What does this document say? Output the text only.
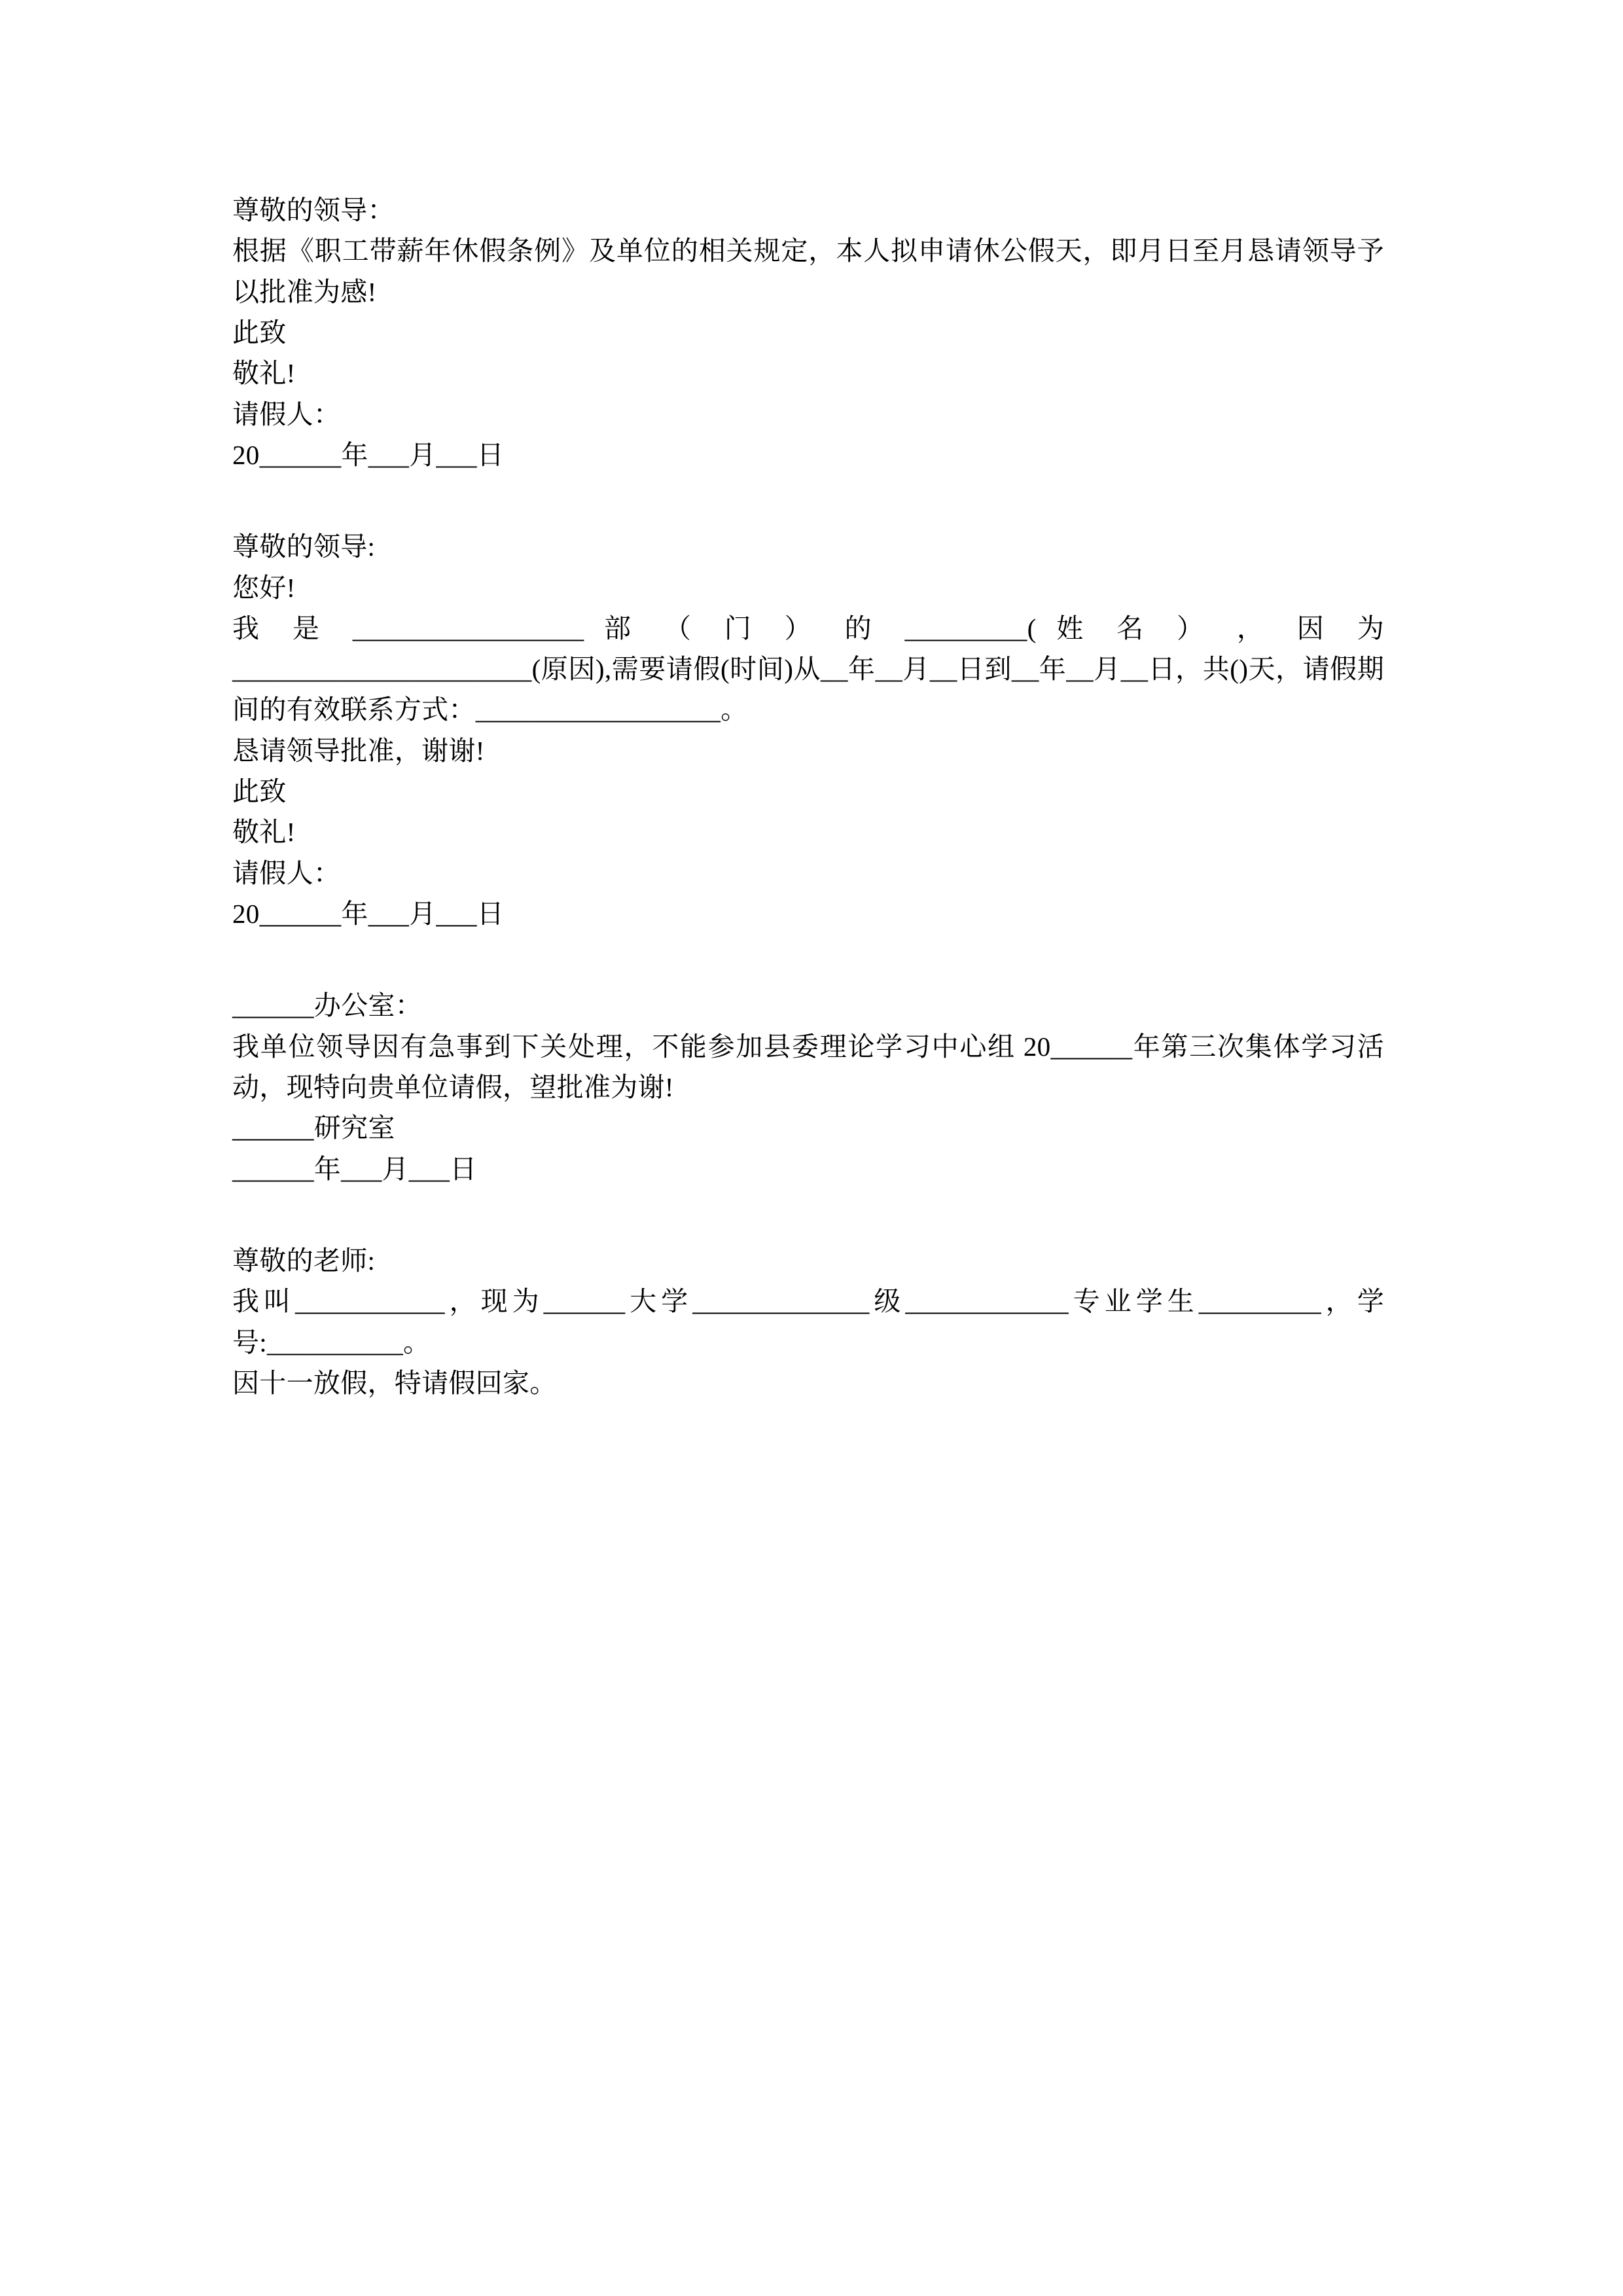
尊敬的领导：

根据《职工带薪年休假条例》及单位的相关规定，本人拟申请休公假天，即月日至月恳请领导予以批准为感!

此致

敬礼!

请假人：

20______年___月___日

尊敬的领导:

您好!

我 是 _________________ 部 （ 门 ） 的 _________( 姓 名 ） ， 因 为 ______________________(原因),需要请假(时间)从__年__月__日到__年__月__日，共()天，请假期间的有效联系方式：__________________。

恳请领导批准，谢谢!

此致

敬礼!

请假人：

20______年___月___日

______办公室：

我单位领导因有急事到下关处理，不能参加县委理论学习中心组 20______年第三次集体学习活动，现特向贵单位请假，望批准为谢!

______研究室

______年___月___日

尊敬的老师:

我叫___________，现为______大学_____________级____________专业学生_________，学号:__________。

因十一放假，特请假回家。
